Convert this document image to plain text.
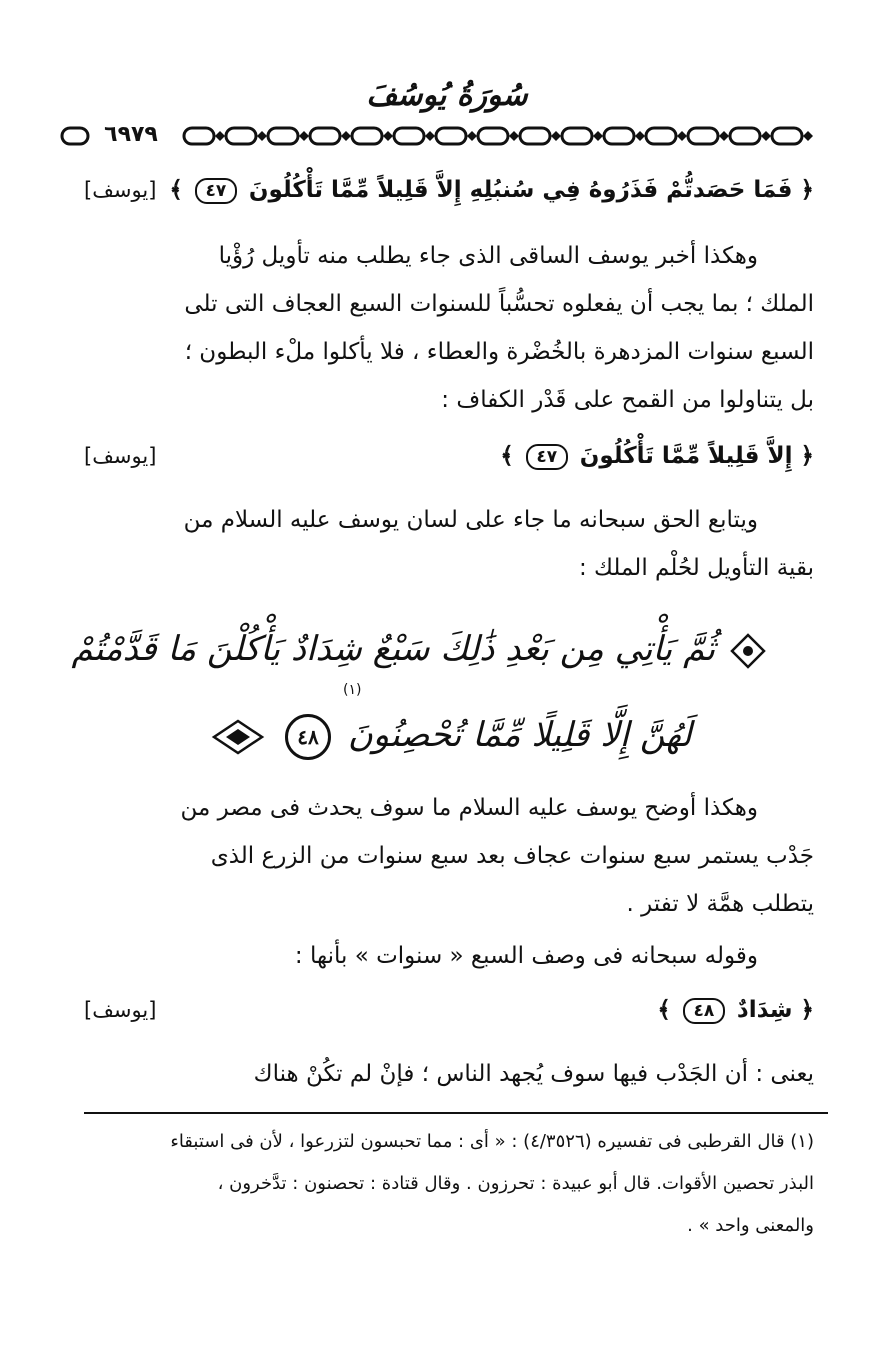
سُورَةُ يُوسُفَ
٦٩٧٩
﴿ فَمَا حَصَدتُّمْ فَذَرُوهُ فِي سُنبُلِهِ إِلاَّ قَلِيلاً مِّمَّا تَأْكُلُونَ ٤٧ ﴾
[يوسف]
وهكذا أخبر يوسف الساقى الذى جاء يطلب منه تأويل رُؤْيا
الملك ؛ بما يجب أن يفعلوه تحسُّباً للسنوات السبع العجاف التى تلى
السبع سنوات المزدهرة بالخُضْرة والعطاء ، فلا يأكلوا ملْء البطون ؛
بل يتناولوا من القمح على قَدْر الكفاف :
﴿ إِلاَّ قَلِيلاً مِّمَّا تَأْكُلُونَ ٤٧ ﴾
[يوسف]
ويتابع الحق سبحانه ما جاء على لسان يوسف عليه السلام من
بقية التأويل لحُلْم الملك :
ثُمَّ يَأْتِي مِن بَعْدِ ذَٰلِكَ سَبْعٌ شِدَادٌ يَأْكُلْنَ مَا قَدَّمْتُمْ
(١)
لَهُنَّ إِلَّا قَلِيلًا مِّمَّا تُحْصِنُونَ ٤٨
وهكذا أوضح يوسف عليه السلام ما سوف يحدث فى مصر من
جَدْب يستمر سبع سنوات عجاف بعد سبع سنوات من الزرع الذى
يتطلب همَّة لا تفتر .
وقوله سبحانه فى وصف السبع « سنوات » بأنها :
﴿ شِدَادٌ ٤٨ ﴾
[يوسف]
يعنى : أن الجَدْب فيها سوف يُجهد الناس ؛ فإنْ لم تكُنْ هناك
(١) قال القرطبى فى تفسيره (٤/٣٥٢٦) : « أى : مما تحبسون لتزرعوا ، لأن فى استبقاء
البذر تحصين الأقوات. قال أبو عبيدة : تحرزون . وقال قتادة : تحصنون : تدَّخرون ،
والمعنى واحد » .
